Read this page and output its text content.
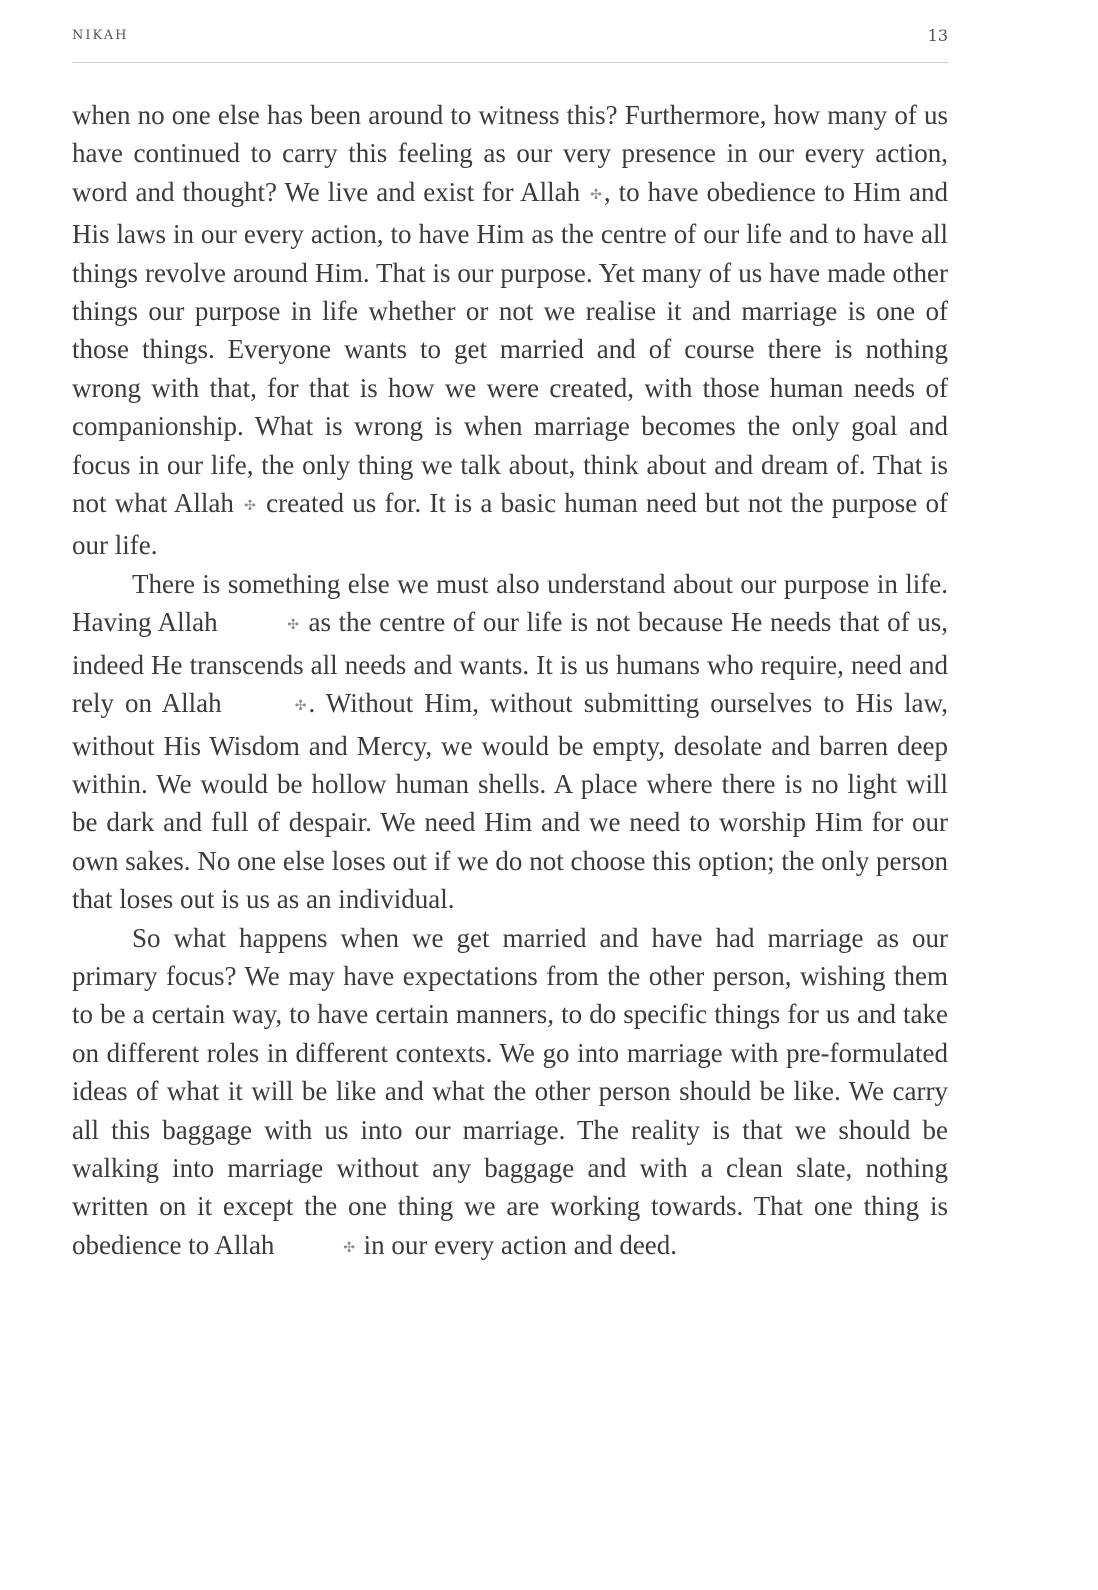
NIKAH	13

when no one else has been around to witness this? Furthermore, how many of us have continued to carry this feeling as our very presence in our every action, word and thought? We live and exist for Allah ✣, to have obedience to Him and His laws in our every action, to have Him as the centre of our life and to have all things revolve around Him. That is our purpose. Yet many of us have made other things our purpose in life whether or not we realise it and marriage is one of those things. Everyone wants to get married and of course there is nothing wrong with that, for that is how we were created, with those human needs of companionship. What is wrong is when marriage becomes the only goal and focus in our life, the only thing we talk about, think about and dream of. That is not what Allah ✣ created us for. It is a basic human need but not the purpose of our life.

There is something else we must also understand about our purpose in life. Having Allah	✣ as the centre of our life is not because He needs that of us, indeed He transcends all needs and wants. It is us humans who require, need and rely on Allah	✣. Without Him, without submitting ourselves to His law, without His Wisdom and Mercy, we would be empty, desolate and barren deep within. We would be hollow human shells. A place where there is no light will be dark and full of despair. We need Him and we need to worship Him for our own sakes. No one else loses out if we do not choose this option; the only person that loses out is us as an individual.

So what happens when we get married and have had marriage as our primary focus? We may have expectations from the other person, wishing them to be a certain way, to have certain manners, to do specific things for us and take on different roles in different contexts. We go into marriage with pre-formulated ideas of what it will be like and what the other person should be like. We carry all this baggage with us into our marriage. The reality is that we should be walking into marriage without any baggage and with a clean slate, nothing written on it except the one thing we are working towards. That one thing is obedience to Allah	✣ in our every action and deed.
